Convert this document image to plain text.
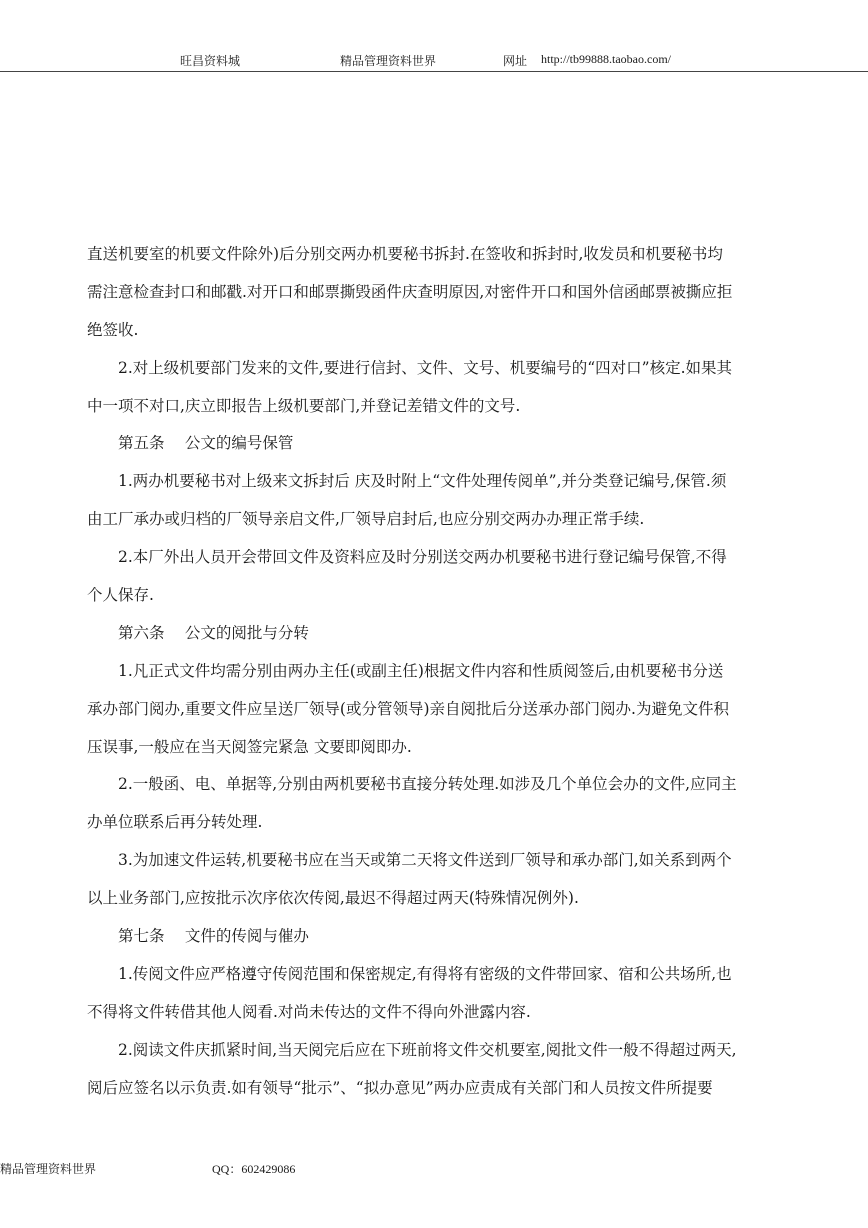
旺昌资料城	精品管理资料世界	网址 http://tb99888.taobao.com/
直送机要室的机要文件除外)后分别交两办机要秘书拆封.在签收和拆封时,收发员和机要秘书均
需注意检查封口和邮戳.对开口和邮票撕毁函件庆查明原因,对密件开口和国外信函邮票被撕应拒
绝签收.
2.对上级机要部门发来的文件,要进行信封、文件、文号、机要编号的“四对口”核定.如果其
中一项不对口,庆立即报告上级机要部门,并登记差错文件的文号.
第五条　 公文的编号保管
1.两办机要秘书对上级来文拆封后 庆及时附上“文件处理传阅单”,并分类登记编号,保管.须
由工厂承办或归档的厂领导亲启文件,厂领导启封后,也应分别交两办办理正常手续.
2.本厂外出人员开会带回文件及资料应及时分别送交两办机要秘书进行登记编号保管,不得
个人保存.
第六条　 公文的阅批与分转
1.凡正式文件均需分别由两办主任(或副主任)根据文件内容和性质阅签后,由机要秘书分送
承办部门阅办,重要文件应呈送厂领导(或分管领导)亲自阅批后分送承办部门阅办.为避免文件积
压误事,一般应在当天阅签完紧急 文要即阅即办.
2.一般函、电、单据等,分别由两机要秘书直接分转处理.如涉及几个单位会办的文件,应同主
办单位联系后再分转处理.
3.为加速文件运转,机要秘书应在当天或第二天将文件送到厂领导和承办部门,如关系到两个
以上业务部门,应按批示次序依次传阅,最迟不得超过两天(特殊情况例外).
第七条　 文件的传阅与催办
1.传阅文件应严格遵守传阅范围和保密规定,有得将有密级的文件带回家、宿和公共场所,也
不得将文件转借其他人阅看.对尚未传达的文件不得向外泄露内容.
2.阅读文件庆抓紧时间,当天阅完后应在下班前将文件交机要室,阅批文件一般不得超过两天,
阅后应签名以示负责.如有领导“批示”、“拟办意见”两办应责成有关部门和人员按文件所提要
精品管理资料世界	QQ：602429086
